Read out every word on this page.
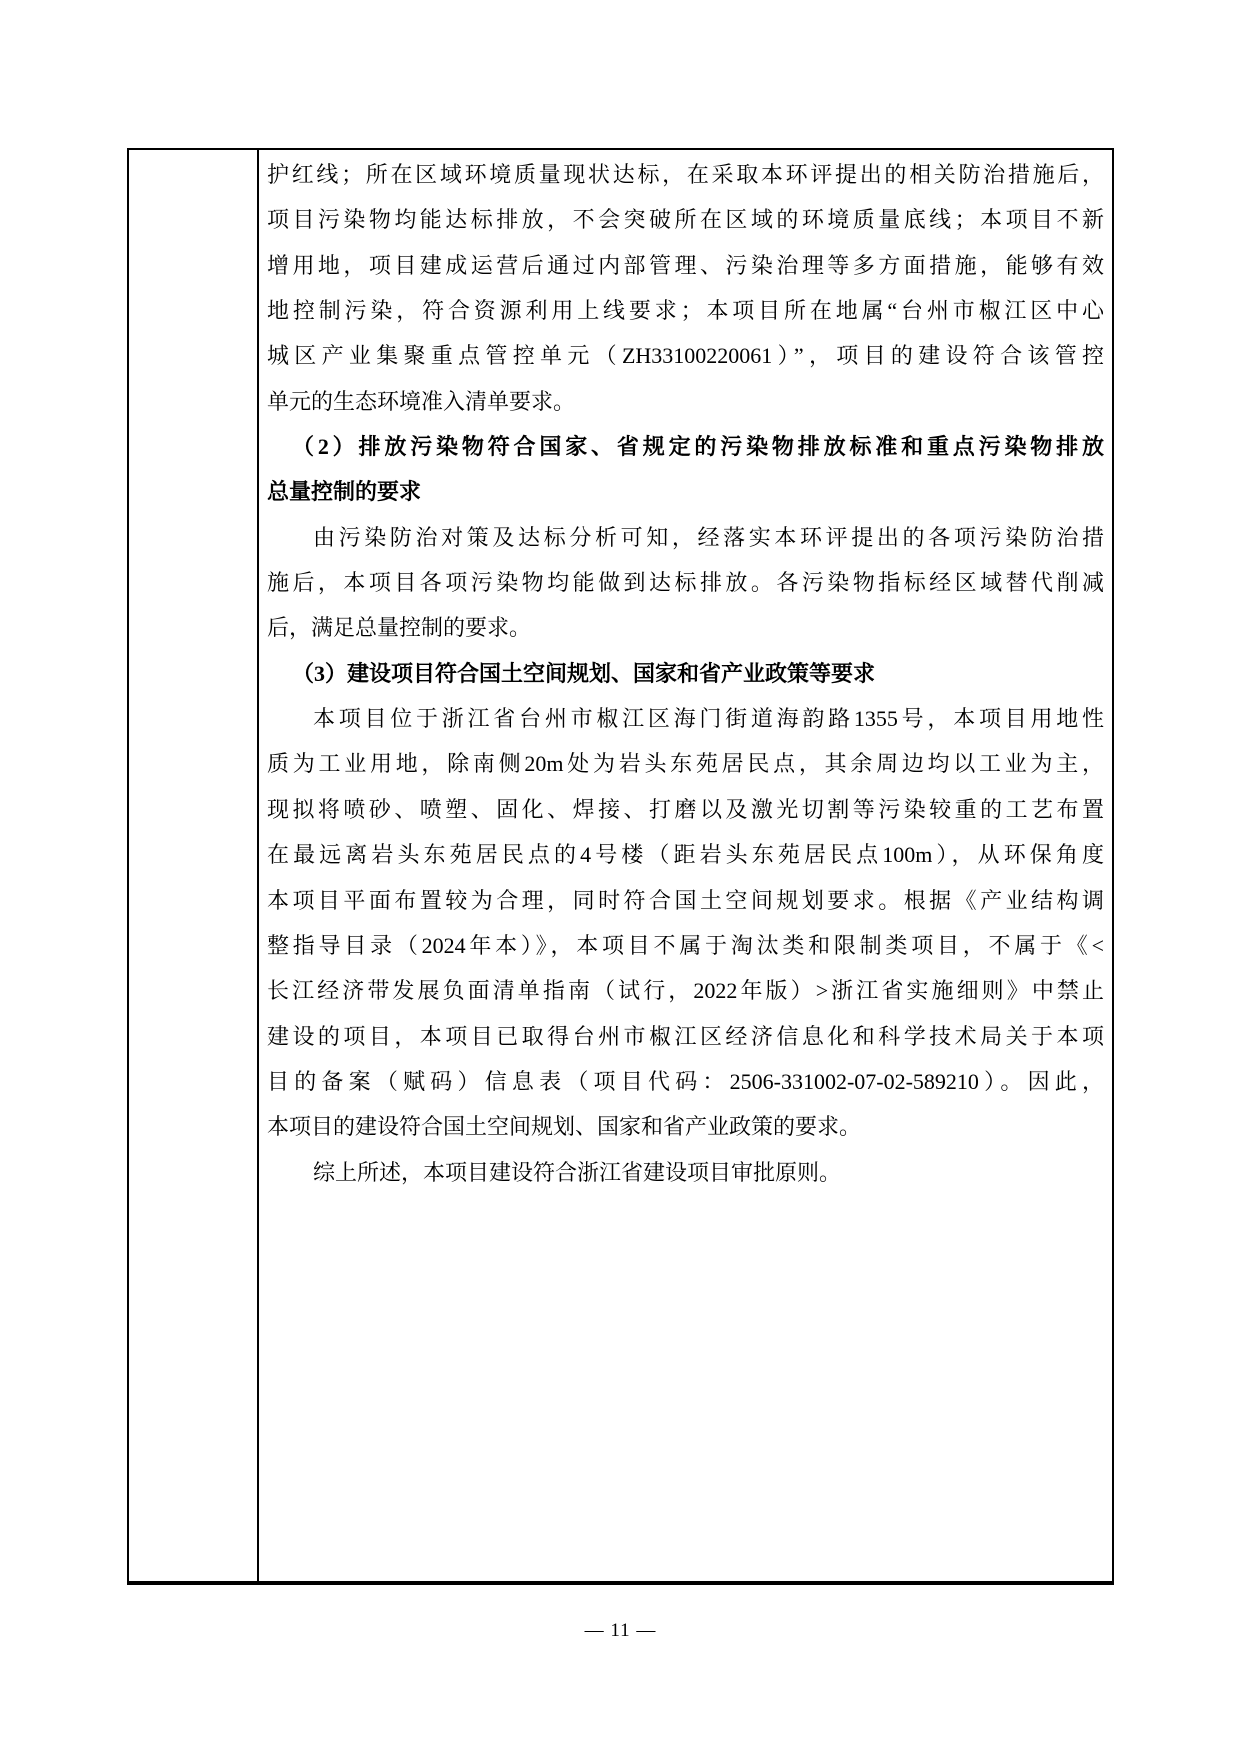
护红线；所在区域环境质量现状达标，在采取本环评提出的相关防治措施后，
项目污染物均能达标排放，不会突破所在区域的环境质量底线；本项目不新
增用地，项目建成运营后通过内部管理、污染治理等多方面措施，能够有效
地控制污染，符合资源利用上线要求；本项目所在地属“台州市椒江区中心
城区产业集聚重点管控单元（ZH33100220061）”，项目的建设符合该管控
单元的生态环境准入清单要求。
（2）排放污染物符合国家、省规定的污染物排放标准和重点污染物排放
总量控制的要求
由污染防治对策及达标分析可知，经落实本环评提出的各项污染防治措
施后，本项目各项污染物均能做到达标排放。各污染物指标经区域替代削减
后，满足总量控制的要求。
（3）建设项目符合国土空间规划、国家和省产业政策等要求
本项目位于浙江省台州市椒江区海门街道海韵路1355号，本项目用地性
质为工业用地，除南侧20m处为岩头东苑居民点，其余周边均以工业为主，
现拟将喷砂、喷塑、固化、焊接、打磨以及激光切割等污染较重的工艺布置
在最远离岩头东苑居民点的4号楼（距岩头东苑居民点100m），从环保角度
本项目平面布置较为合理，同时符合国土空间规划要求。根据《产业结构调
整指导目录（2024年本）》，本项目不属于淘汰类和限制类项目，不属于《<
长江经济带发展负面清单指南（试行，2022年版）>浙江省实施细则》中禁止
建设的项目，本项目已取得台州市椒江区经济信息化和科学技术局关于本项
目的备案（赋码）信息表（项目代码：2506-331002-07-02-589210）。因此，
本项目的建设符合国土空间规划、国家和省产业政策的要求。
综上所述，本项目建设符合浙江省建设项目审批原则。
— 11 —
